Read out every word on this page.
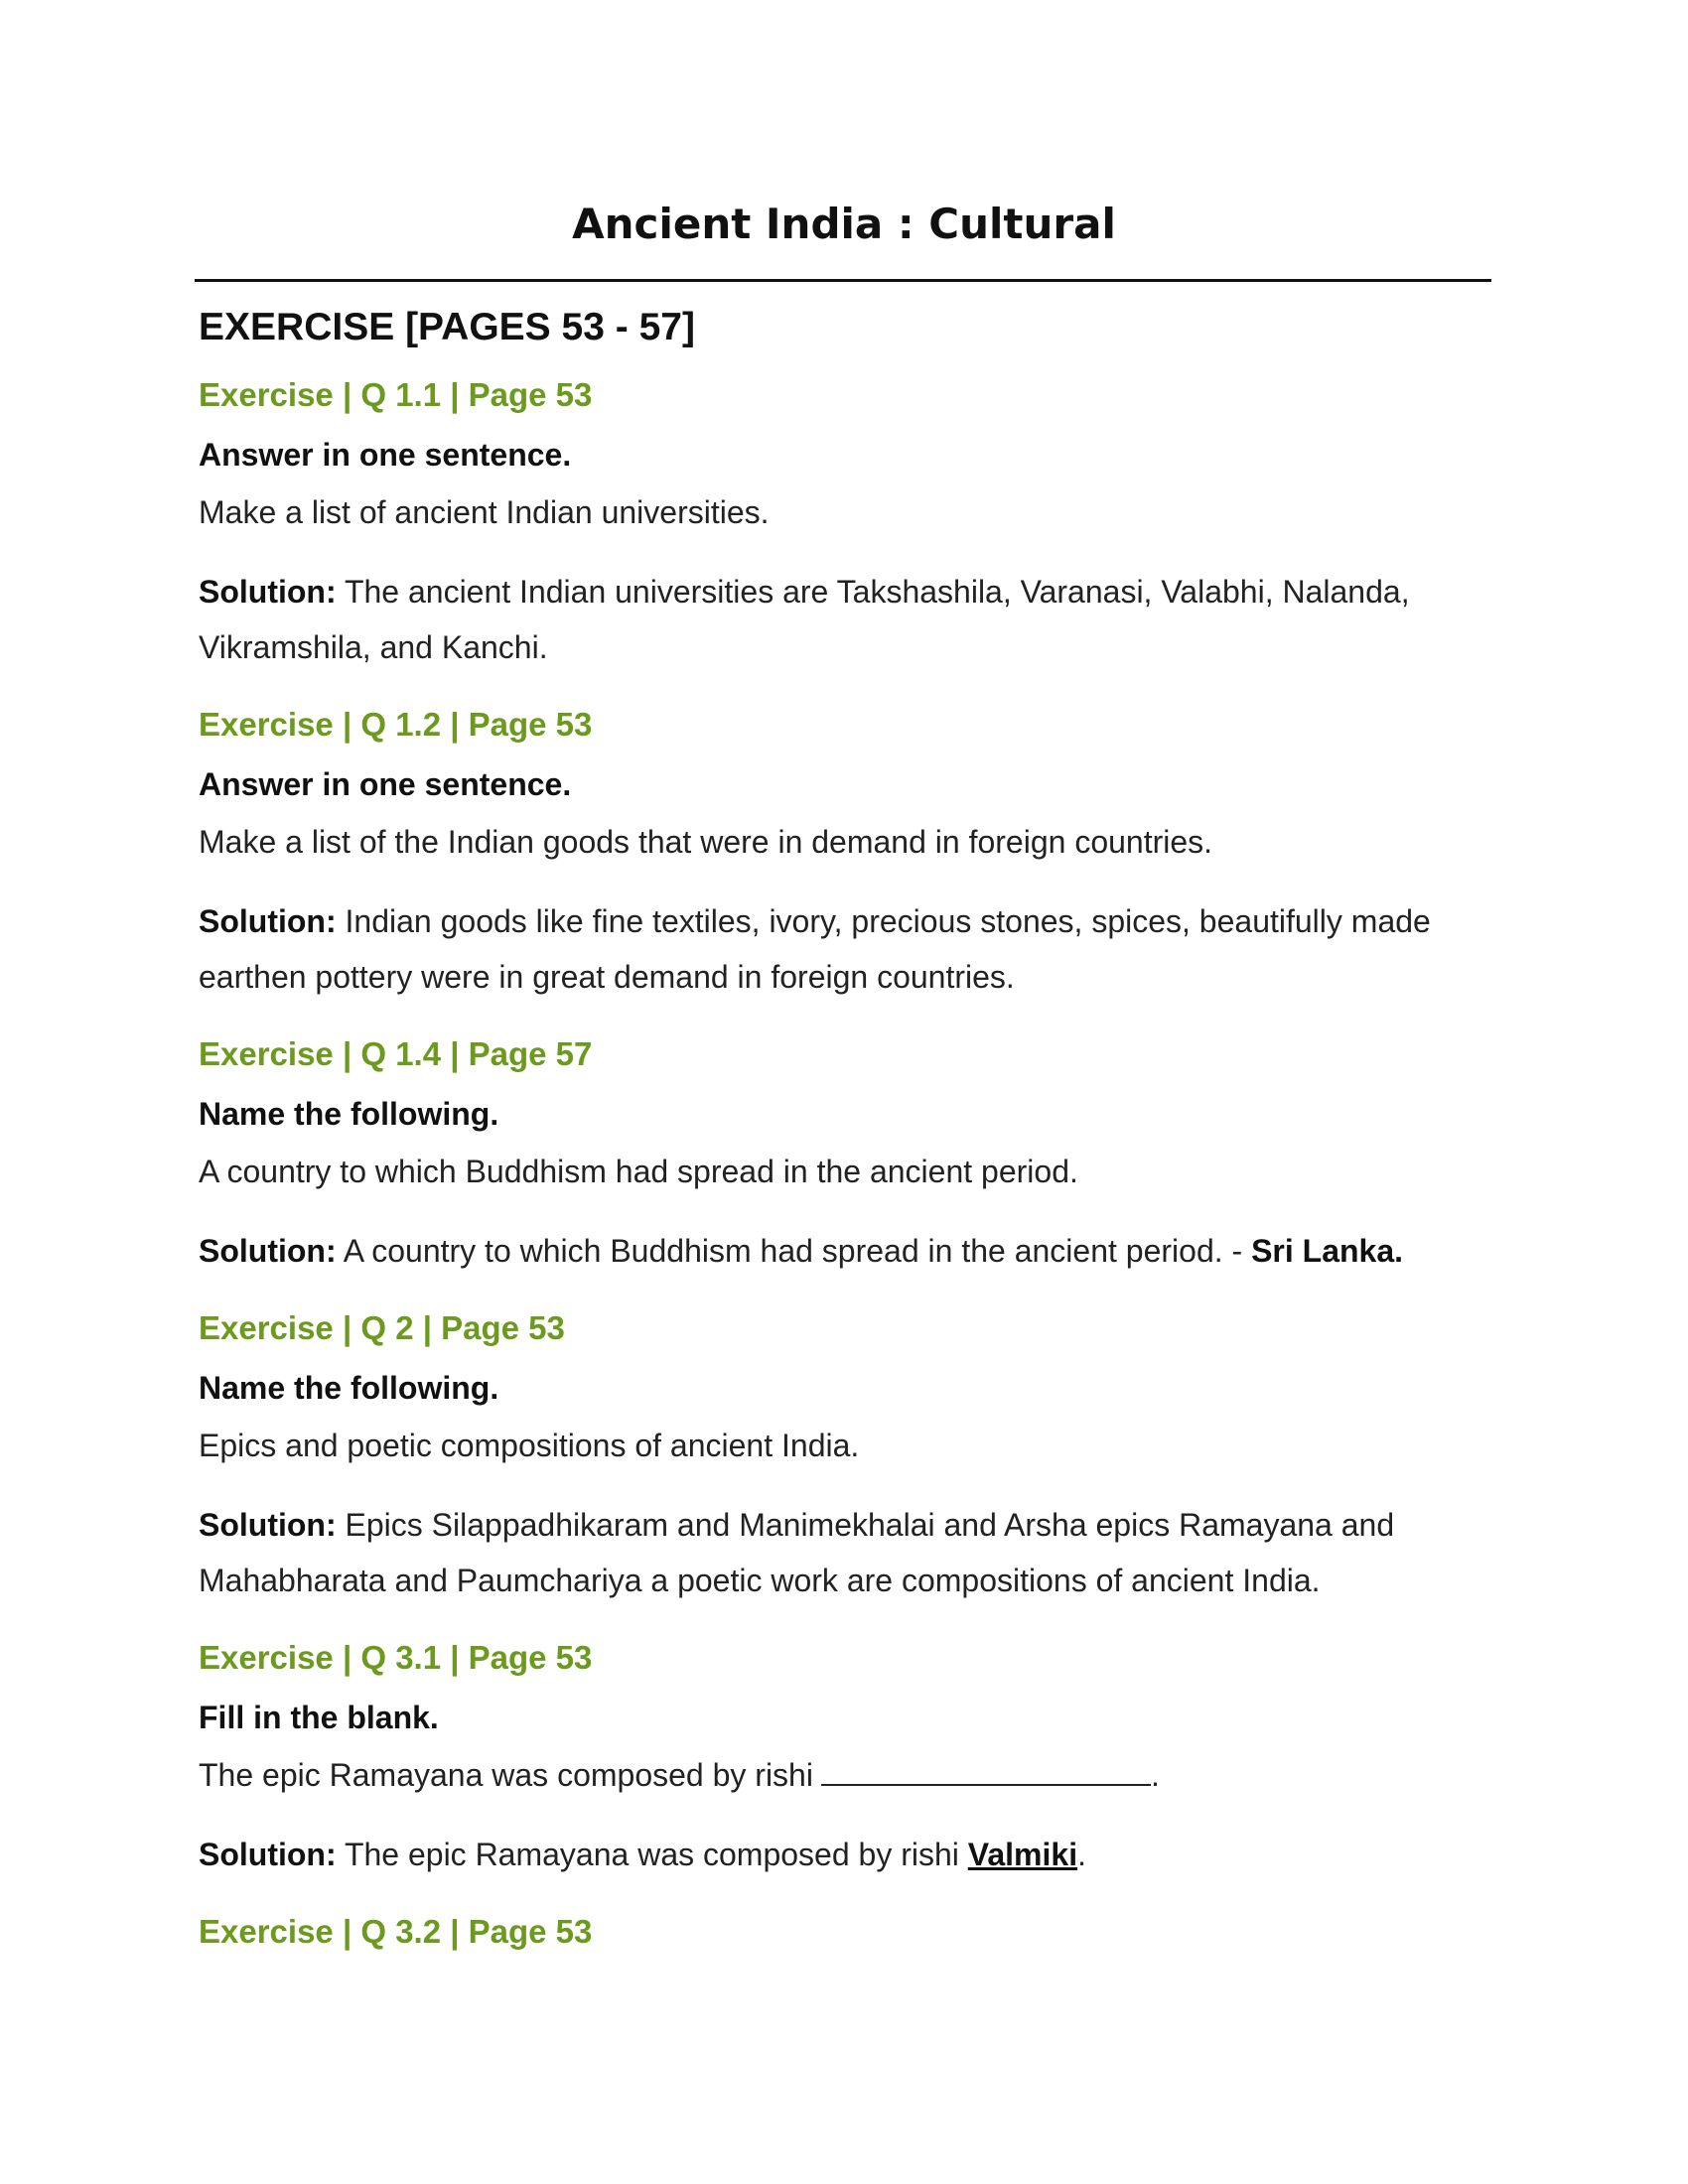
Ancient India : Cultural
EXERCISE [PAGES 53 - 57]
Exercise | Q 1.1 | Page 53
Answer in one sentence.
Make a list of ancient Indian universities.
Solution: The ancient Indian universities are Takshashila, Varanasi, Valabhi, Nalanda, Vikramshila, and Kanchi.
Exercise | Q 1.2 | Page 53
Answer in one sentence.
Make a list of the Indian goods that were in demand in foreign countries.
Solution: Indian goods like fine textiles, ivory, precious stones, spices, beautifully made earthen pottery were in great demand in foreign countries.
Exercise | Q 1.4 | Page 57
Name the following.
A country to which Buddhism had spread in the ancient period.
Solution: A country to which Buddhism had spread in the ancient period. - Sri Lanka.
Exercise | Q 2 | Page 53
Name the following.
Epics and poetic compositions of ancient India.
Solution: Epics Silappadhikaram and Manimekhalai and Arsha epics Ramayana and Mahabharata and Paumchariya a poetic work are compositions of ancient India.
Exercise | Q 3.1 | Page 53
Fill in the blank.
The epic Ramayana was composed by rishi	.
Solution: The epic Ramayana was composed by rishi Valmiki.
Exercise | Q 3.2 | Page 53
